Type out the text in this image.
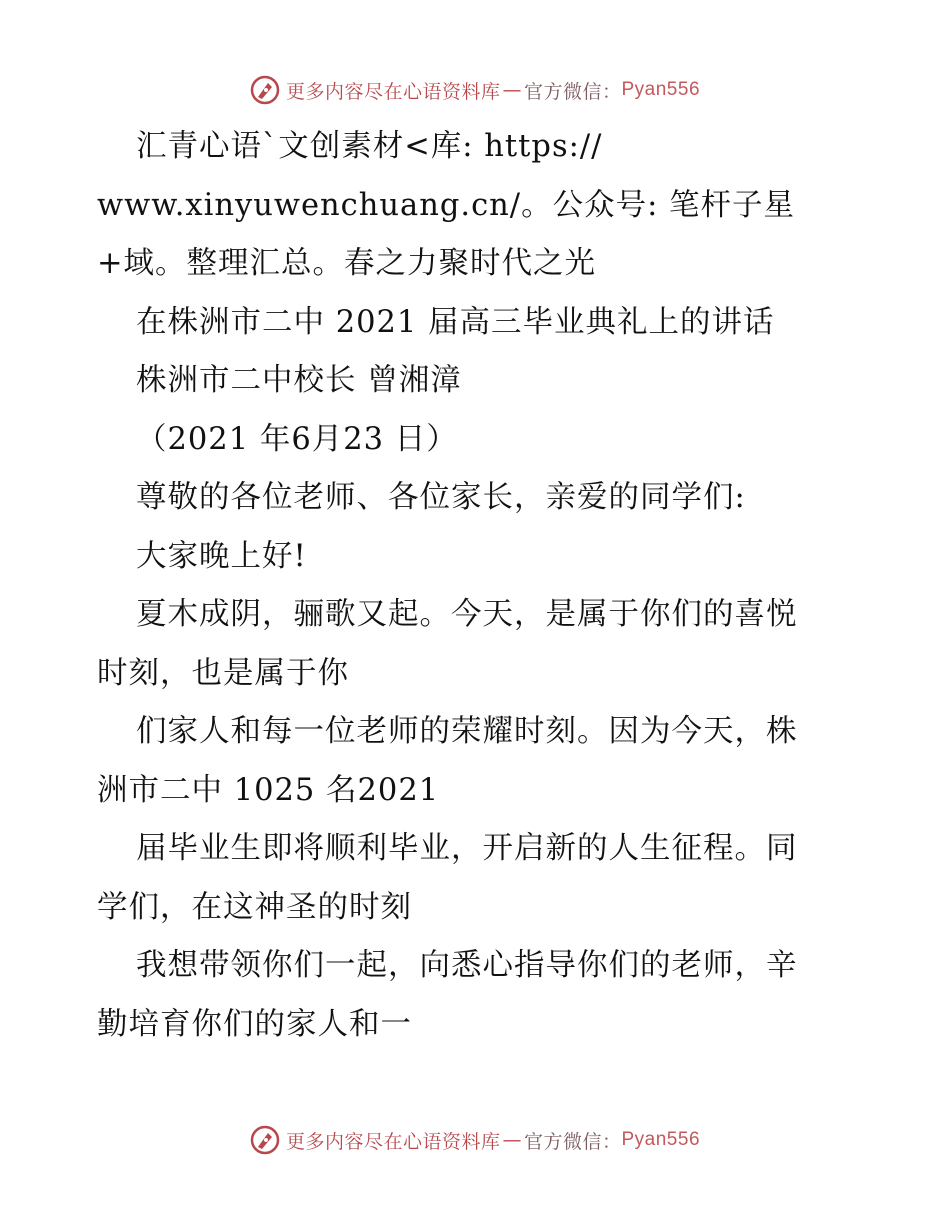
更多内容尽在心语资料库 — 官方微信： Pyan556

汇青心语`文创素材<库: https://

www.xinyuwenchuang.cn/。公众号: 笔杆子星

+域。整理汇总。春之力聚时代之光

在株洲市二中 2021 届高三毕业典礼上的讲话

株洲市二中校长 曾湘漳

（2021 年6月23 日）

尊敬的各位老师、各位家长，亲爱的同学们:

大家晚上好!

夏木成阴，骊歌又起。今天，是属于你们的喜悦

时刻，也是属于你

们家人和每一位老师的荣耀时刻。因为今天，株

洲市二中 1025 名2021

届毕业生即将顺利毕业，开启新的人生征程。同

学们，在这神圣的时刻

我想带领你们一起，向悉心指导你们的老师，辛

勤培育你们的家人和一

更多内容尽在心语资料库 — 官方微信： Pyan556
